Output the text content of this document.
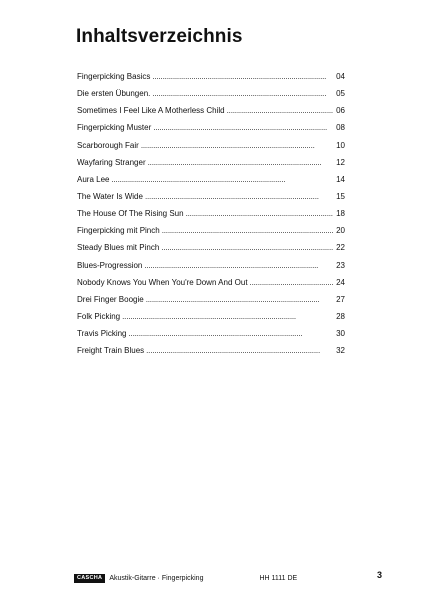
Inhaltsverzeichnis
Fingerpicking Basics . . .	04
Die ersten Übungen. . . .	05
Sometimes I Feel Like A Motherless Child . . .	06
Fingerpicking Muster . . .	08
Scarborough Fair . . .	10
Wayfaring Stranger . . .	12
Aura Lee . . .	14
The Water Is Wide . . .	15
The House Of The Rising Sun . . .	18
Fingerpicking mit Pinch . . .	20
Steady Blues mit Pinch . . .	22
Blues-Progression . . .	23
Nobody Knows You When You're Down And Out . . .	24
Drei Finger Boogie . . .	27
Folk Picking . . .	28
Travis Picking . . .	30
Freight Train Blues . . .	32
CASCHA	Akustik-Gitarre · Fingerpicking	HH 1111 DE	3
